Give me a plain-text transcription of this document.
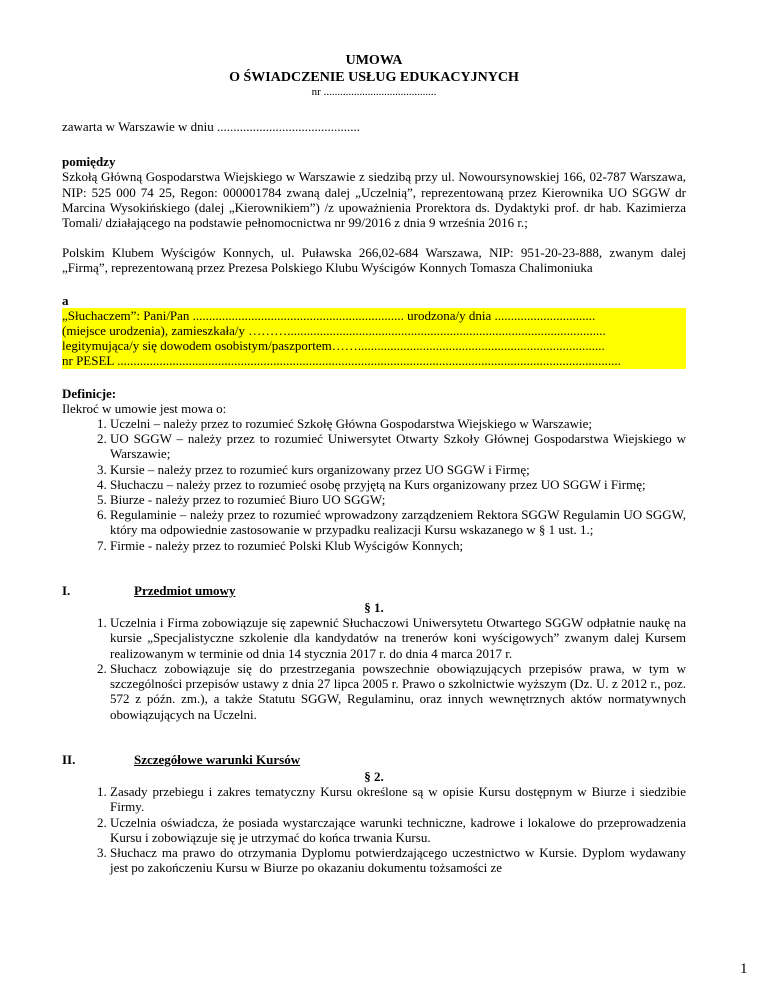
UMOWA
O ŚWIADCZENIE USŁUG EDUKACYJNYCH
nr .........................................

zawarta w Warszawie w dniu ............................................

pomiędzy

Szkołą Główną Gospodarstwa Wiejskiego w Warszawie z siedzibą przy ul. Nowoursynowskiej 166, 02-787 Warszawa, NIP: 525 000 74 25, Regon: 000001784 zwaną dalej „Uczelnią”, reprezentowaną przez Kierownika UO SGGW dr Marcina Wysokińskiego (dalej „Kierownikiem”) /z upoważnienia Prorektora ds. Dydaktyki prof. dr hab. Kazimierza Tomali/ działającego na podstawie pełnomocnictwa nr 99/2016 z dnia 9 września 2016 r.;

Polskim Klubem Wyścigów Konnych, ul. Puławska 266,02-684 Warszawa, NIP: 951-20-23-888, zwanym dalej „Firmą”, reprezentowaną przez Prezesa Polskiego Klubu Wyścigów Konnych Tomasza Chalimoniuka

a

„Słuchaczem”: Pani/Pan ................................................................. urodzona/y dnia ...............................
(miejsce urodzenia), zamieszkała/y ………..................................................................................................
legitymująca/y się dowodem osobistym/paszportem……............................................................................
nr PESEL ...........................................................................................................................................................

Definicje:

Ilekroć w umowie jest mowa o:

1. Uczelni – należy przez to rozumieć Szkołę Główna Gospodarstwa Wiejskiego w Warszawie;
2. UO SGGW – należy przez to rozumieć Uniwersytet Otwarty Szkoły Głównej Gospodarstwa Wiejskiego w Warszawie;
3. Kursie – należy przez to rozumieć kurs organizowany przez UO SGGW i Firmę;
4. Słuchaczu – należy przez to rozumieć osobę przyjętą na Kurs organizowany przez UO SGGW i Firmę;
5. Biurze - należy przez to rozumieć Biuro UO SGGW;
6. Regulaminie – należy przez to rozumieć wprowadzony zarządzeniem Rektora SGGW Regulamin UO SGGW, który ma odpowiednie zastosowanie w przypadku realizacji Kursu wskazanego w § 1 ust. 1.;
7. Firmie - należy przez to rozumieć Polski Klub Wyścigów Konnych;
I.	Przedmiot umowy
§ 1.
1. Uczelnia i Firma zobowiązuje się zapewnić Słuchaczowi Uniwersytetu Otwartego SGGW odpłatnie naukę na kursie „Specjalistyczne szkolenie dla kandydatów na trenerów koni wyścigowych” zwanym dalej Kursem realizowanym w terminie od dnia 14 stycznia 2017 r. do dnia 4 marca 2017 r.
2. Słuchacz zobowiązuje się do przestrzegania powszechnie obowiązujących przepisów prawa, w tym w szczególności przepisów ustawy z dnia 27 lipca 2005 r. Prawo o szkolnictwie wyższym (Dz. U. z 2012 r., poz. 572 z późn. zm.), a także Statutu SGGW, Regulaminu, oraz innych wewnętrznych aktów normatywnych obowiązujących na Uczelni.
II.	Szczegółowe warunki Kursów
§ 2.
1. Zasady przebiegu i zakres tematyczny Kursu określone są w opisie Kursu dostępnym w Biurze i siedzibie Firmy.
2. Uczelnia oświadcza, że posiada wystarczające warunki techniczne, kadrowe i lokalowe do przeprowadzenia Kursu i zobowiązuje się je utrzymać do końca trwania Kursu.
3. Słuchacz ma prawo do otrzymania Dyplomu potwierdzającego uczestnictwo w Kursie. Dyplom wydawany jest po zakończeniu Kursu w Biurze po okazaniu dokumentu tożsamości ze
1
